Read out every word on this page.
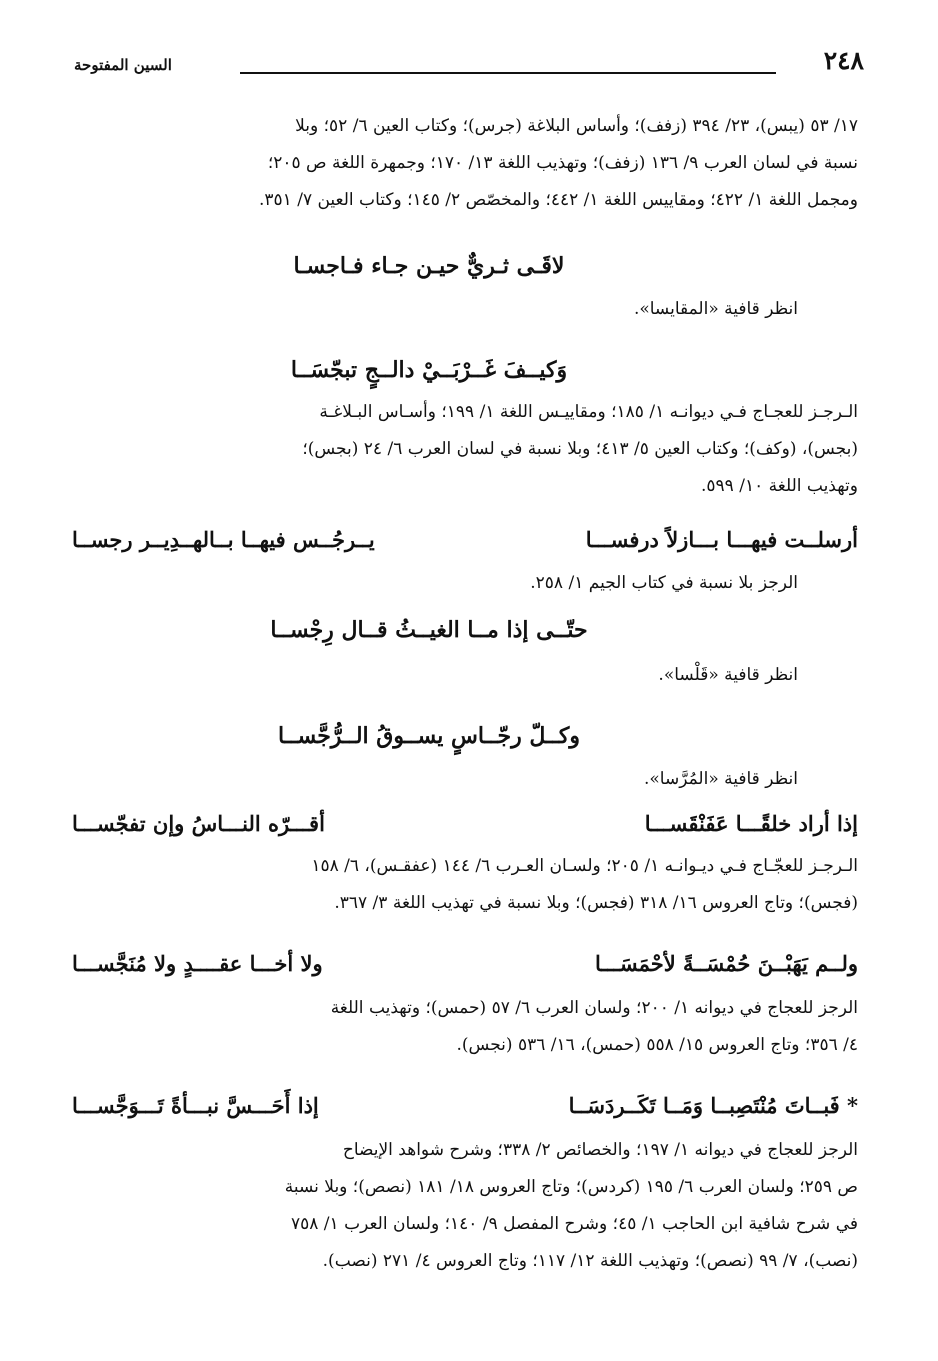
٢٤٨
السين المفتوحة
١٧/ ٥٣ (يبس)، ٢٣/ ٣٩٤ (زفف)؛ وأساس البلاغة (جرس)؛ وكتاب العين ٦/ ٥٢؛ وبلا
نسبة في لسان العرب ٩/ ١٣٦ (زفف)؛ وتهذيب اللغة ١٣/ ١٧٠؛ وجمهرة اللغة ص ٢٠٥؛
ومجمل اللغة ١/ ٤٢٢؛ ومقاييس اللغة ١/ ٤٤٢؛ والمخصّص ٢/ ١٤٥؛ وكتاب العين ٧/ ٣٥١.
لاقَـى ثـريٌّ حيـن جـاء فـاجسـا
انظر قافية «المقايسا».
وَكيــفَ غَــرْبَــيْ دالــجٍ تبجّسَــا
الـرجـز للعجـاج فـي ديوانـه ١/ ١٨٥؛ ومقاييـس اللغة ١/ ١٩٩؛ وأسـاس البـلاغـة
(بجس)، (وكف)؛ وكتاب العين ٥/ ٤١٣؛ وبلا نسبة في لسان العرب ٦/ ٢٤ (بجس)؛
وتهذيب اللغة ١٠/ ٥٩٩.
أرسلــت فيهـــا بـــازلاً درفســـا
يــرجُــس فيهــا بــالهــدِيــر رجســا
الرجز بلا نسبة في كتاب الجيم ١/ ٢٥٨.
حتّــى إذا مــا الغيــثُ قــال رِجْســا
انظر قافية «قَلْسا».
وكــلّ رجّــاسٍ يســوقُ الــرُّجَّســا
انظر قافية «المُرَّسا».
إذا أراد خلقًـــا عَفَنْقَســـا
أقـــرّه النـــاسُ وإن تفجّســـا
الـرجـز للعجّـاج فـي ديـوانـه ١/ ٢٠٥؛ ولسـان العـرب ٦/ ١٤٤ (عفقـس)، ٦/ ١٥٨
(فجس)؛ وتاج العروس ١٦/ ٣١٨ (فجس)؛ وبلا نسبة في تهذيب اللغة ٣/ ٣٦٧.
ولــم يَهَبْــنَ حُمْسَــةً لأحْمَسَـــا
ولا أخـــا عقــــدٍ ولا مُنَجَّســـا
الرجز للعجاج في ديوانه ١/ ٢٠٠؛ ولسان العرب ٦/ ٥٧ (حمس)؛ وتهذيب اللغة
٤/ ٣٥٦؛ وتاج العروس ١٥/ ٥٥٨ (حمس)، ١٦/ ٥٣٦ (نجس).
* فَبــاتَ مُنْتَصِبــا وَمَــا تَكَــردَسَــا
إذا أَحَـــسَّ نبـــأةً تَـــوَجَّســـا
الرجز للعجاج في ديوانه ١/ ١٩٧؛ والخصائص ٢/ ٣٣٨؛ وشرح شواهد الإيضاح
ص ٢٥٩؛ ولسان العرب ٦/ ١٩٥ (كردس)؛ وتاج العروس ١٨/ ١٨١ (نصص)؛ وبلا نسبة
في شرح شافية ابن الحاجب ١/ ٤٥؛ وشرح المفصل ٩/ ١٤٠؛ ولسان العرب ١/ ٧٥٨
(نصب)، ٧/ ٩٩ (نصص)؛ وتهذيب اللغة ١٢/ ١١٧؛ وتاج العروس ٤/ ٢٧١ (نصب).
